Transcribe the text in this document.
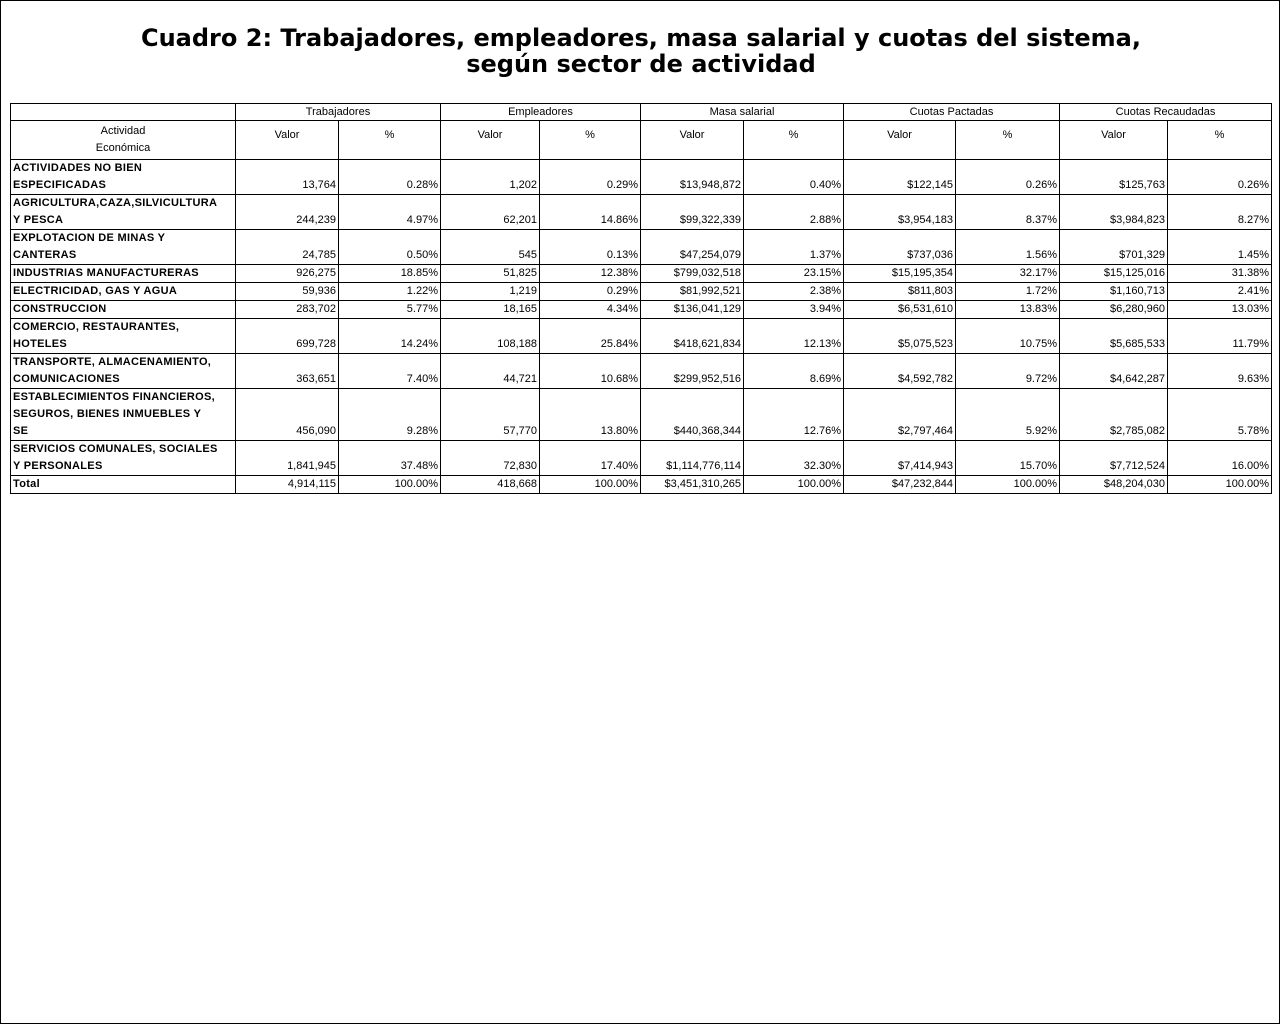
Cuadro 2: Trabajadores, empleadores, masa salarial y cuotas del sistema,
según sector de actividad
	Trabajadores		Empleadores		Masa salarial		Cuotas Pactadas		Cuotas Recaudadas	

Actividad
Económica	Valor	%	Valor	%	Valor	%	Valor	%	Valor	%
ACTIVIDADES NO BIEN										
ESPECIFICADAS	13,764	0.28%	1,202	0.29%	$13,948,872	0.40%	$122,145	0.26%	$125,763	0.26%
AGRICULTURA,CAZA,SILVICULTURA										
Y PESCA	244,239	4.97%	62,201	14.86%	$99,322,339	2.88%	$3,954,183	8.37%	$3,984,823	8.27%
EXPLOTACION DE MINAS Y										
CANTERAS	24,785	0.50%	545	0.13%	$47,254,079	1.37%	$737,036	1.56%	$701,329	1.45%
INDUSTRIAS MANUFACTURERAS	926,275	18.85%	51,825	12.38%	$799,032,518	23.15%	$15,195,354	32.17%	$15,125,016	31.38%
ELECTRICIDAD, GAS Y AGUA	59,936	1.22%	1,219	0.29%	$81,992,521	2.38%	$811,803	1.72%	$1,160,713	2.41%
CONSTRUCCION	283,702	5.77%	18,165	4.34%	$136,041,129	3.94%	$6,531,610	13.83%	$6,280,960	13.03%
COMERCIO, RESTAURANTES,										
HOTELES	699,728	14.24%	108,188	25.84%	$418,621,834	12.13%	$5,075,523	10.75%	$5,685,533	11.79%
TRANSPORTE, ALMACENAMIENTO,										
COMUNICACIONES	363,651	7.40%	44,721	10.68%	$299,952,516	8.69%	$4,592,782	9.72%	$4,642,287	9.63%
ESTABLECIMIENTOS FINANCIEROS,										
SEGUROS, BIENES INMUEBLES Y										
SE	456,090	9.28%	57,770	13.80%	$440,368,344	12.76%	$2,797,464	5.92%	$2,785,082	5.78%
SERVICIOS COMUNALES, SOCIALES										
Y PERSONALES	1,841,945	37.48%	72,830	17.40%	$1,114,776,114	32.30%	$7,414,943	15.70%	$7,712,524	16.00%
Total	4,914,115	100.00%	418,668	100.00%	$3,451,310,265	100.00%	$47,232,844	100.00%	$48,204,030	100.00%
